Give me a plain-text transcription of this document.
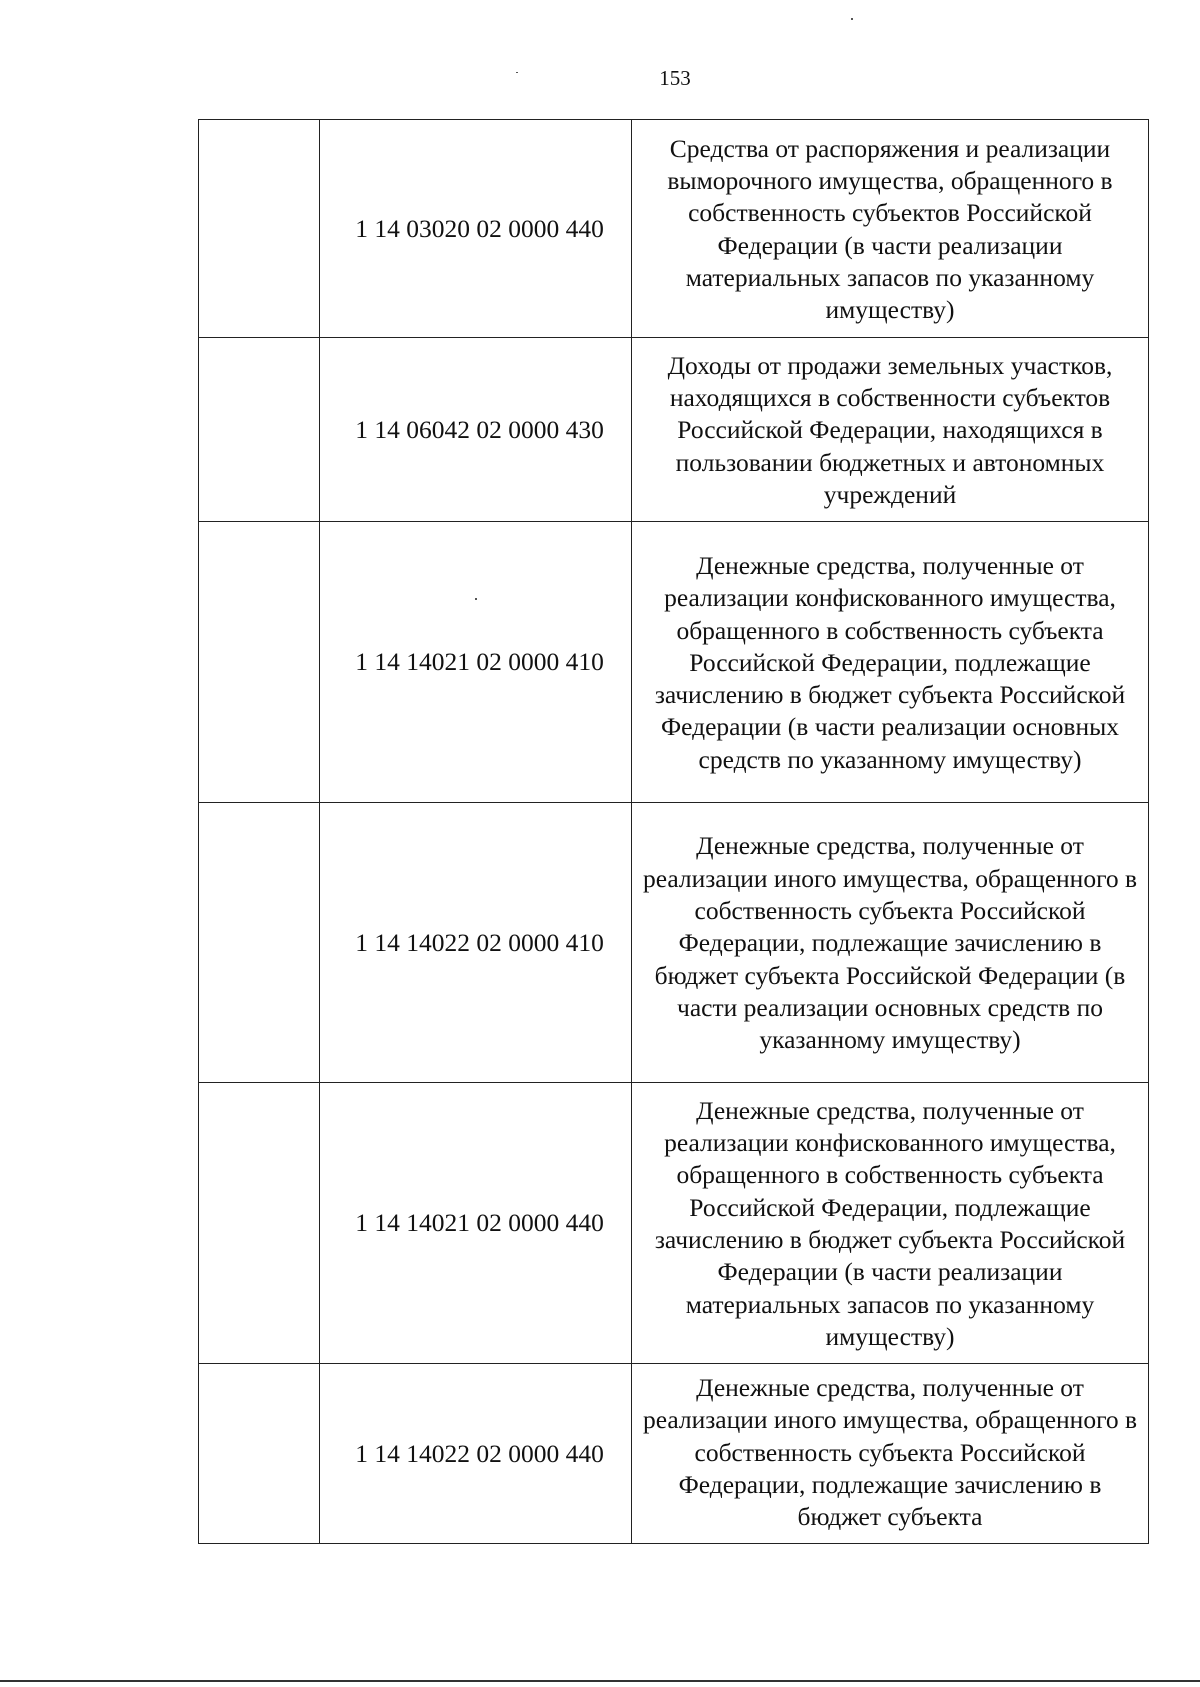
153
	1 14 03020 02 0000 440	Средства от распоряжения и реализации выморочного имущества, обращенного в собственность субъектов Российской Федерации (в части реализации материальных запасов по указанному имуществу)
	1 14 06042 02 0000 430	Доходы от продажи земельных участков, находящихся в собственности субъектов Российской Федерации, находящихся в пользовании бюджетных и автономных учреждений
	1 14 14021 02 0000 410	Денежные средства, полученные от реализации конфискованного имущества, обращенного в собственность субъекта Российской Федерации, подлежащие зачислению в бюджет субъекта Российской Федерации (в части реализации основных средств по указанному имуществу)
	1 14 14022 02 0000 410	Денежные средства, полученные от реализации иного имущества, обращенного в собственность субъекта Российской Федерации, подлежащие зачислению в бюджет субъекта Российской Федерации (в части реализации основных средств по указанному имуществу)
	1 14 14021 02 0000 440	Денежные средства, полученные от реализации конфискованного имущества, обращенного в собственность субъекта Российской Федерации, подлежащие зачислению в бюджет субъекта Российской Федерации (в части реализации материальных запасов по указанному имуществу)
	1 14 14022 02 0000 440	Денежные средства, полученные от реализации иного имущества, обращенного в собственность субъекта Российской Федерации, подлежащие зачислению в бюджет субъекта
